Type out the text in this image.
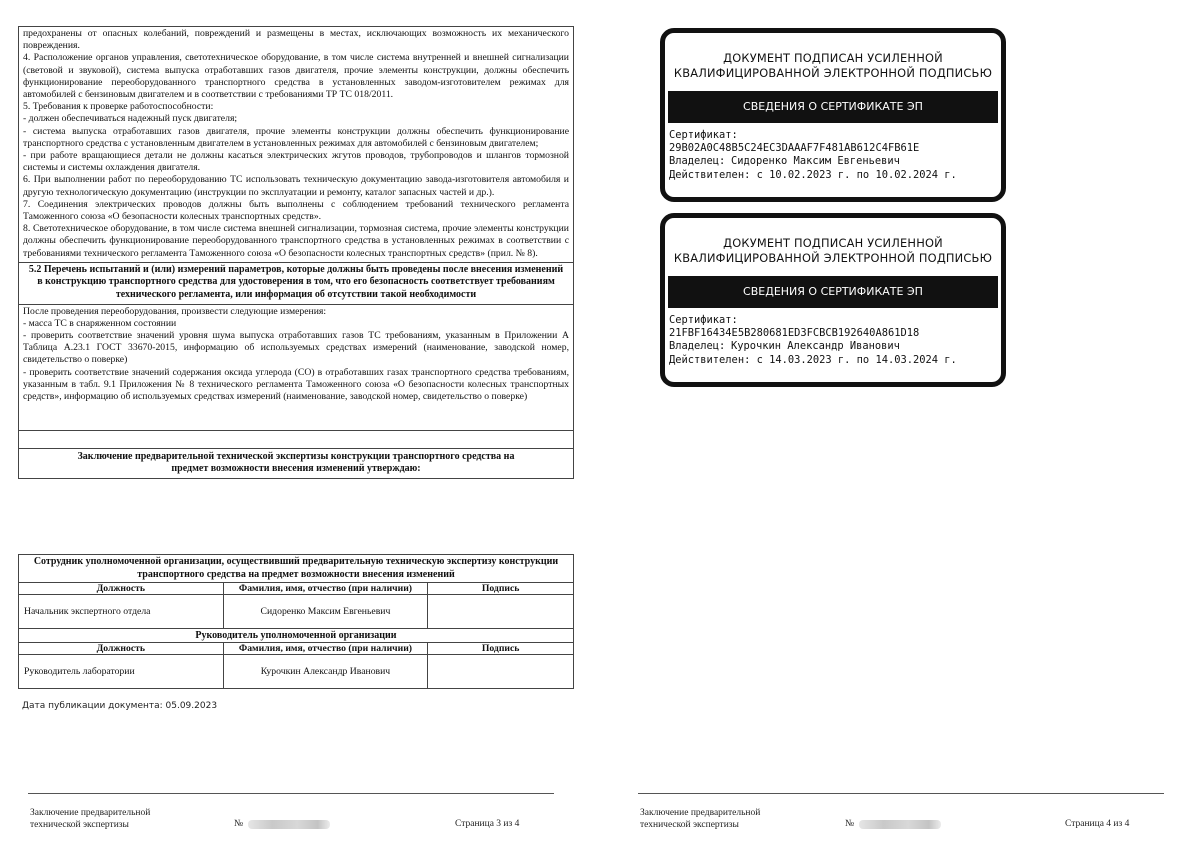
предохранены от опасных колебаний, повреждений и размещены в местах, исключающих возможность их механического повреждения.

4. Расположение органов управления, светотехническое оборудование, в том числе система внутренней и внешней сигнализации (световой и звуковой), система выпуска отработавших газов двигателя, прочие элементы конструкции, должны обеспечить функционирование переоборудованного транспортного средства в установленных заводом-изготовителем режимах для автомобилей с бензиновым двигателем и в соответствии с требованиями ТР ТС 018/2011.

5. Требования к проверке работоспособности:

- должен обеспечиваться надежный пуск двигателя;

- система выпуска отработавших газов двигателя, прочие элементы конструкции должны обеспечить функционирование транспортного средства с установленным двигателем в установленных режимах для автомобилей с бензиновым двигателем;

- при работе вращающиеся детали не должны касаться электрических жгутов проводов, трубопроводов и шлангов тормозной системы и системы охлаждения двигателя.

6. При выполнении работ по переоборудованию ТС использовать техническую документацию завода-изготовителя автомобиля и другую технологическую документацию (инструкции по эксплуатации и ремонту, каталог запасных частей и др.).

7. Соединения электрических проводов должны быть выполнены с соблюдением требований технического регламента Таможенного союза «О безопасности колесных транспортных средств».

8. Светотехническое оборудование, в том числе система внешней сигнализации, тормозная система, прочие элементы конструкции должны обеспечить функционирование переоборудованного транспортного средства в установленных режимах в соответствии с требованиями технического регламента Таможенного союза «О безопасности колесных транспортных средств» (прил. № 8).

5.2 Перечень испытаний и (или) измерений параметров, которые должны быть проведены после внесения изменений в конструкцию транспортного средства для удостоверения в том, что его безопасность соответствует требованиям технического регламента, или информация об отсутствии такой необходимости

После проведения переоборудования, произвести следующие измерения:

- масса ТС в снаряженном состоянии

- проверить соответствие значений уровня шума выпуска отработавших газов ТС требованиям, указанным в Приложении А Таблица А.23.1 ГОСТ 33670-2015, информацию об используемых средствах измерений (наименование, заводской номер, свидетельство о поверке)

- проверить соответствие значений содержания оксида углерода (СО) в отработавших газах транспортного средства требованиям, указанным в табл. 9.1 Приложения № 8 технического регламента Таможенного союза «О безопасности колесных транспортных средств», информацию об используемых средствах измерений (наименование, заводской номер, свидетельство о поверке)

Заключение предварительной технической экспертизы конструкции транспортного средства на предмет возможности внесения изменений утверждаю:
Сотрудник уполномоченной организации, осуществивший предварительную техническую экспертизу конструкции транспортного средства на предмет возможности внесения изменений		
Должность	Фамилия, имя, отчество (при наличии)	Подпись
Начальник экспертного отдела	Сидоренко Максим Евгеньевич	
Руководитель уполномоченной организации		
Должность	Фамилия, имя, отчество (при наличии)	Подпись
Руководитель лаборатории	Курочкин Александр Иванович	
Дата публикации документа: 05.09.2023
Заключение предварительной
технической экспертизы	№	Страница 3 из 4
ДОКУМЕНТ ПОДПИСАН УСИЛЕННОЙ
КВАЛИФИЦИРОВАННОЙ ЭЛЕКТРОННОЙ ПОДПИСЬЮ
СВЕДЕНИЯ О СЕРТИФИКАТЕ ЭП
Сертификат:
29B02A0C48B5C24EC3DAAAF7F481AB612C4FB61E
Владелец: Сидоренко Максим Евгеньевич
Действителен: с 10.02.2023 г. по 10.02.2024 г.
ДОКУМЕНТ ПОДПИСАН УСИЛЕННОЙ
КВАЛИФИЦИРОВАННОЙ ЭЛЕКТРОННОЙ ПОДПИСЬЮ
СВЕДЕНИЯ О СЕРТИФИКАТЕ ЭП
Сертификат:
21FBF16434E5B280681ED3FCBCB192640A861D18
Владелец: Курочкин Александр Иванович
Действителен: с 14.03.2023 г. по 14.03.2024 г.
Заключение предварительной
технической экспертизы	№	Страница 4 из 4
